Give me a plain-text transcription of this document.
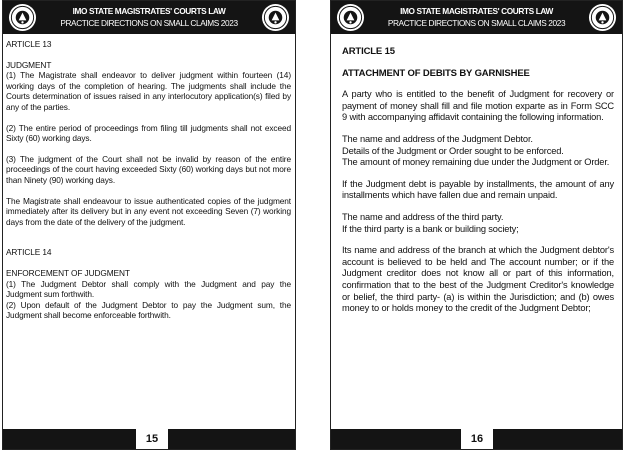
IMO STATE MAGISTRATES' COURTS LAW
PRACTICE DIRECTIONS ON SMALL CLAIMS 2023

ARTICLE 13

JUDGMENT

(1) The Magistrate shall endeavor to deliver judgment within fourteen (14) working days of the completion of hearing. The judgments shall include the Courts determination of issues raised in any interlocutory application(s) filed by any of the parties.

(2) The entire period of proceedings from filing till judgments shall not exceed Sixty (60) working days.

(3) The judgment of the Court shall not be invalid by reason of the entire proceedings of the court having exceeded Sixty (60) working days but not more than Ninety (90) working days.

The Magistrate shall endeavour to issue authenticated copies of the judgment immediately after its delivery but in any event not exceeding Seven (7) working days from the date of the delivery of the judgment.

ARTICLE 14

ENFORCEMENT OF JUDGMENT

(1) The Judgment Debtor shall comply with the Judgment and pay the Judgment sum forthwith.

(2) Upon default of the Judgment Debtor to pay the Judgment sum, the Judgment shall become enforceable forthwith.

15
IMO STATE MAGISTRATES' COURTS LAW
PRACTICE DIRECTIONS ON SMALL CLAIMS 2023

ARTICLE 15

ATTACHMENT OF DEBITS BY GARNISHEE

A party who is entitled to the benefit of Judgment for recovery or payment of money shall fill and file motion exparte as in Form SCC 9 with accompanying affidavit containing the following information.

The name and address of the Judgment Debtor.

Details of the Judgment or Order sought to be enforced.

The amount of money remaining due under the Judgment or Order.

If the Judgment debt is payable by installments, the amount of any installments which have fallen due and remain unpaid.

The name and address of the third party.

If the third party is a bank or building society;

Its name and address of the branch at which the Judgment debtor's account is believed to be held and The account number; or if the Judgment creditor does not know all or part of this information, confirmation that to the best of the Judgment Creditor's knowledge or belief, the third party- (a) is within the Jurisdiction; and (b) owes money to or holds money to the credit of the Judgment Debtor;

16
